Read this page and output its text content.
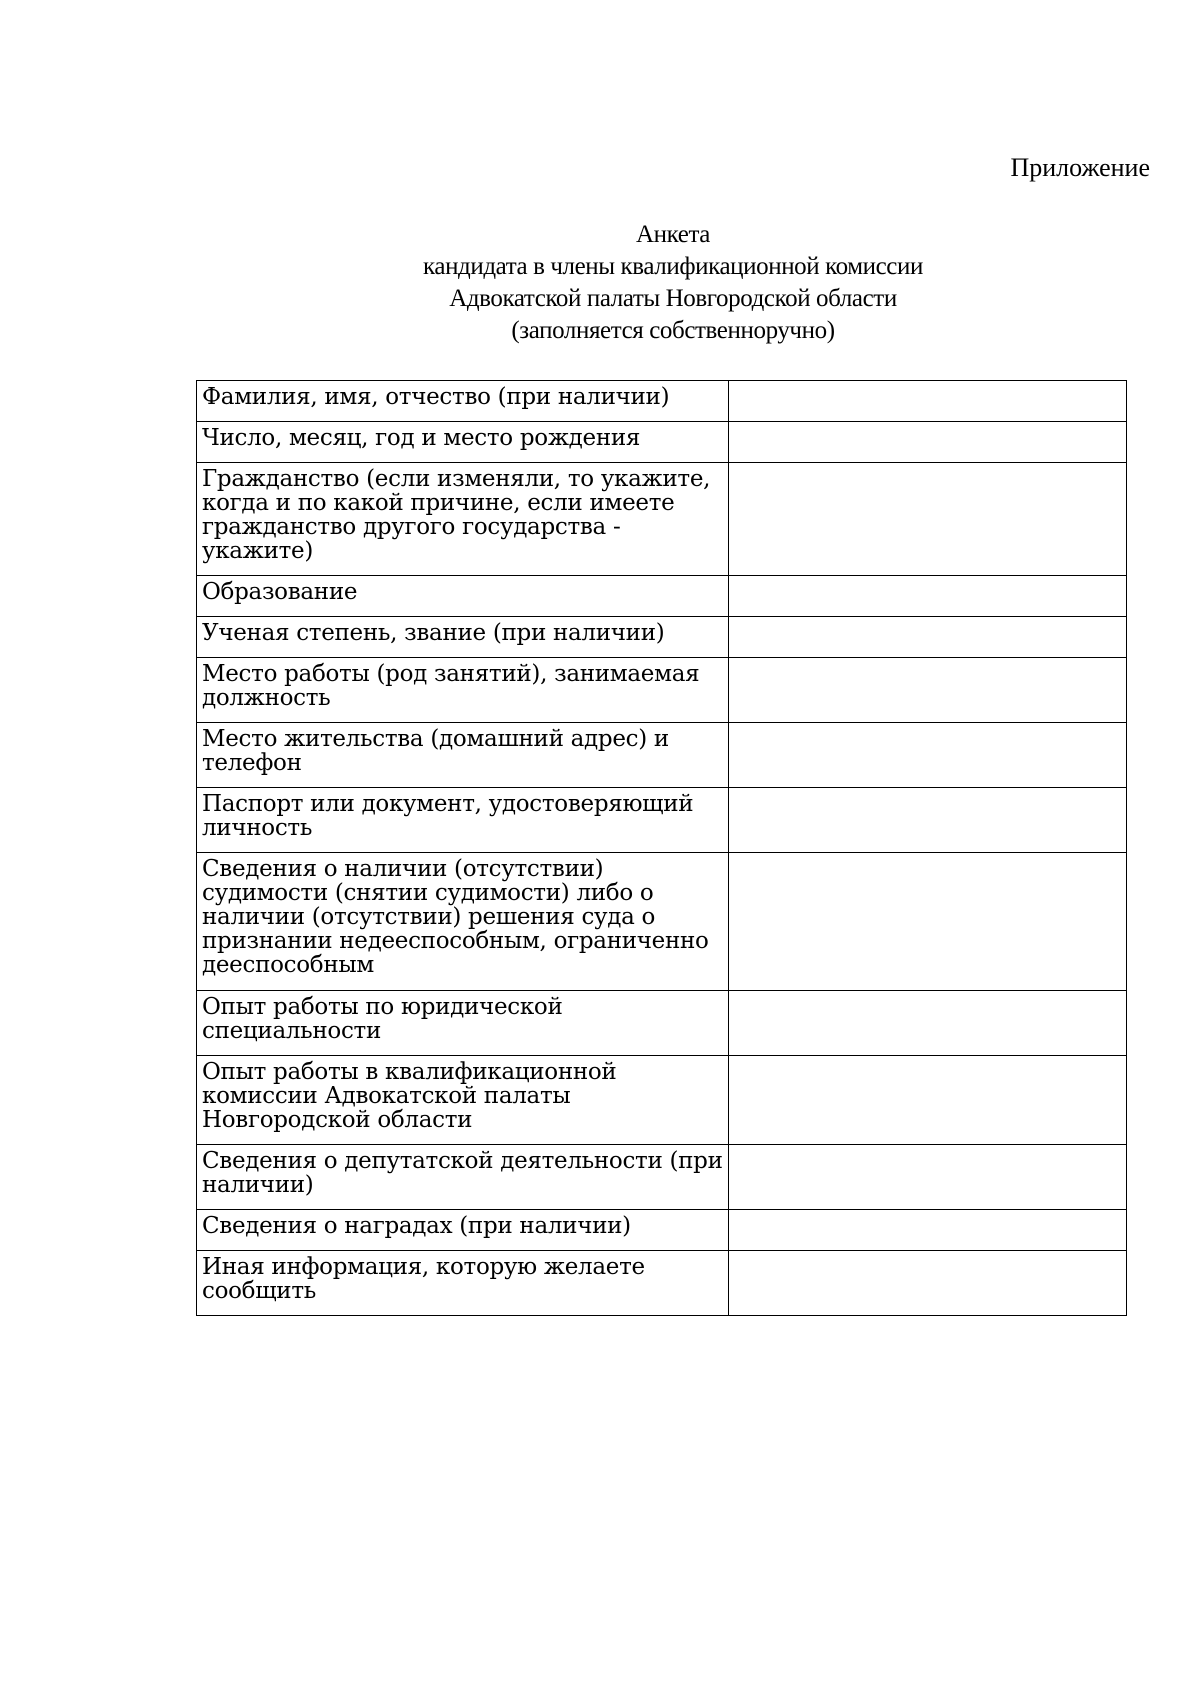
Приложение
Анкета
кандидата в члены квалификационной комиссии
Адвокатской палаты Новгородской области
(заполняется собственноручно)
Фамилия, имя, отчество (при наличии)	
Число, месяц, год и место рождения	
Гражданство (если изменяли, то укажите, когда и по какой причине, если имеете гражданство другого государства - укажите)	
Образование	
Ученая степень, звание (при наличии)	
Место работы (род занятий), занимаемая должность	
Место жительства (домашний адрес) и телефон	
Паспорт или документ, удостоверяющий личность	
Сведения о наличии (отсутствии) судимости (снятии судимости) либо о наличии (отсутствии) решения суда о признании недееспособным, ограниченно дееспособным	
Опыт работы по юридической специальности	
Опыт работы в квалификационной комиссии Адвокатской палаты Новгородской области	
Сведения о депутатской деятельности (при наличии)	
Сведения о наградах (при наличии)	
Иная информация, которую желаете сообщить	
